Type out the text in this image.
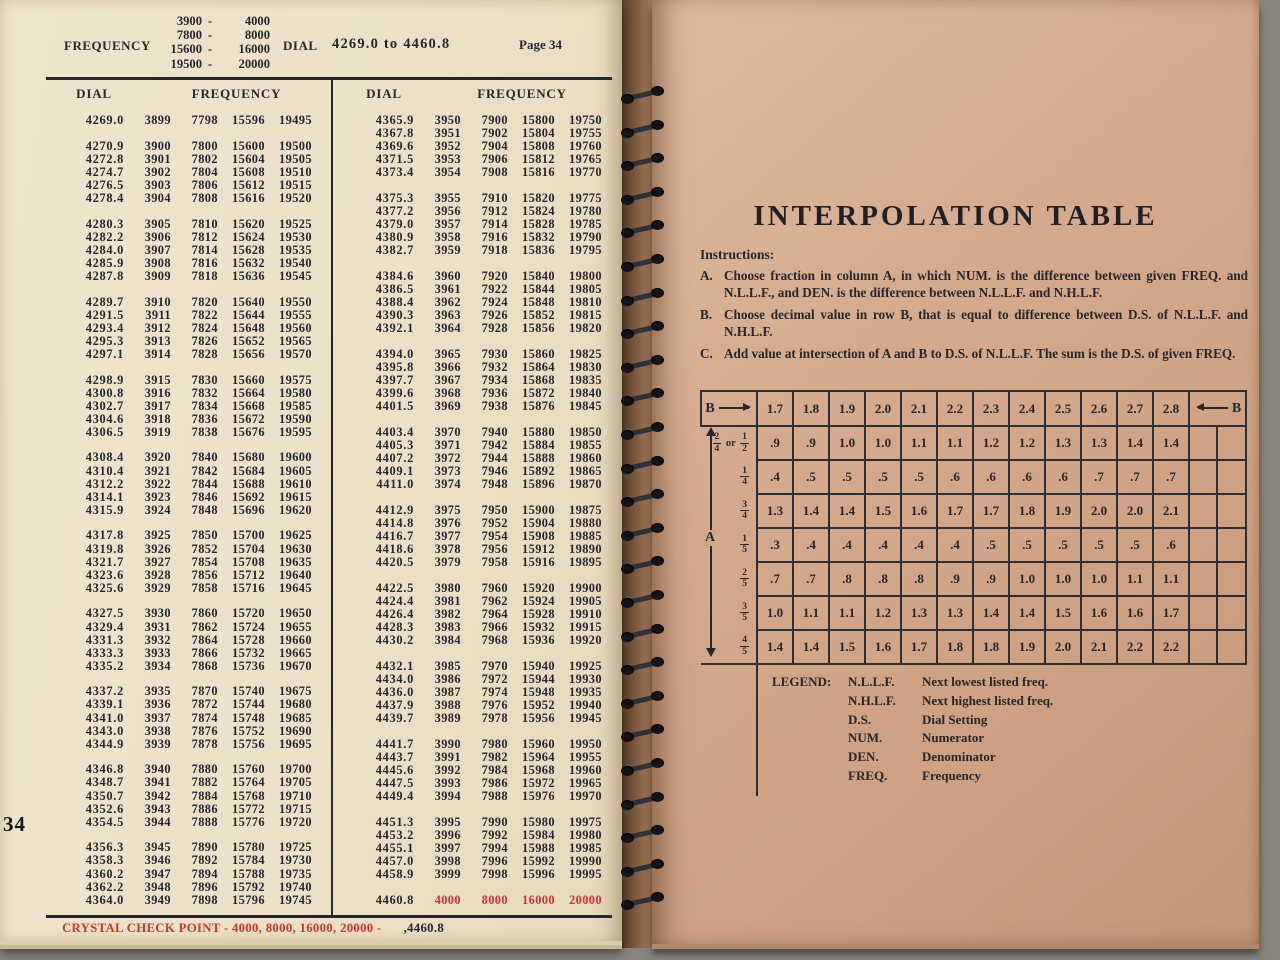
FREQUENCY
3900 -	4000
7800 -	8000
15600 -	16000
19500 -	20000
DIAL 4269.0 to 4460.8	Page 34
DIAL	FREQUENCY	DIAL	FREQUENCY
4269.0	3899	7798	15596	19495
4270.9	3900	7800	15600	19500
4272.8	3901	7802	15604	19505
4274.7	3902	7804	15608	19510
4276.5	3903	7806	15612	19515
4278.4	3904	7808	15616	19520
4280.3	3905	7810	15620	19525
4282.2	3906	7812	15624	19530
4284.0	3907	7814	15628	19535
4285.9	3908	7816	15632	19540
4287.8	3909	7818	15636	19545
4289.7	3910	7820	15640	19550
4291.5	3911	7822	15644	19555
4293.4	3912	7824	15648	19560
4295.3	3913	7826	15652	19565
4297.1	3914	7828	15656	19570
4298.9	3915	7830	15660	19575
4300.8	3916	7832	15664	19580
4302.7	3917	7834	15668	19585
4304.6	3918	7836	15672	19590
4306.5	3919	7838	15676	19595
4308.4	3920	7840	15680	19600
4310.4	3921	7842	15684	19605
4312.2	3922	7844	15688	19610
4314.1	3923	7846	15692	19615
4315.9	3924	7848	15696	19620
4317.8	3925	7850	15700	19625
4319.8	3926	7852	15704	19630
4321.7	3927	7854	15708	19635
4323.6	3928	7856	15712	19640
4325.6	3929	7858	15716	19645
4327.5	3930	7860	15720	19650
4329.4	3931	7862	15724	19655
4331.3	3932	7864	15728	19660
4333.3	3933	7866	15732	19665
4335.2	3934	7868	15736	19670
4337.2	3935	7870	15740	19675
4339.1	3936	7872	15744	19680
4341.0	3937	7874	15748	19685
4343.0	3938	7876	15752	19690
4344.9	3939	7878	15756	19695
4346.8	3940	7880	15760	19700
4348.7	3941	7882	15764	19705
4350.7	3942	7884	15768	19710
4352.6	3943	7886	15772	19715
4354.5	3944	7888	15776	19720
4356.3	3945	7890	15780	19725
4358.3	3946	7892	15784	19730
4360.2	3947	7894	15788	19735
4362.2	3948	7896	15792	19740
4364.0	3949	7898	15796	19745
4365.9	3950	7900	15800	19750
4367.8	3951	7902	15804	19755
4369.6	3952	7904	15808	19760
4371.5	3953	7906	15812	19765
4373.4	3954	7908	15816	19770
4375.3	3955	7910	15820	19775
4377.2	3956	7912	15824	19780
4379.0	3957	7914	15828	19785
4380.9	3958	7916	15832	19790
4382.7	3959	7918	15836	19795
4384.6	3960	7920	15840	19800
4386.5	3961	7922	15844	19805
4388.4	3962	7924	15848	19810
4390.3	3963	7926	15852	19815
4392.1	3964	7928	15856	19820
4394.0	3965	7930	15860	19825
4395.8	3966	7932	15864	19830
4397.7	3967	7934	15868	19835
4399.6	3968	7936	15872	19840
4401.5	3969	7938	15876	19845
4403.4	3970	7940	15880	19850
4405.3	3971	7942	15884	19855
4407.2	3972	7944	15888	19860
4409.1	3973	7946	15892	19865
4411.0	3974	7948	15896	19870
4412.9	3975	7950	15900	19875
4414.8	3976	7952	15904	19880
4416.7	3977	7954	15908	19885
4418.6	3978	7956	15912	19890
4420.5	3979	7958	15916	19895
4422.5	3980	7960	15920	19900
4424.4	3981	7962	15924	19905
4426.4	3982	7964	15928	19910
4428.3	3983	7966	15932	19915
4430.2	3984	7968	15936	19920
4432.1	3985	7970	15940	19925
4434.0	3986	7972	15944	19930
4436.0	3987	7974	15948	19935
4437.9	3988	7976	15952	19940
4439.7	3989	7978	15956	19945
4441.7	3990	7980	15960	19950
4443.7	3991	7982	15964	19955
4445.6	3992	7984	15968	19960
4447.5	3993	7986	15972	19965
4449.4	3994	7988	15976	19970
4451.3	3995	7990	15980	19975
4453.2	3996	7992	15984	19980
4455.1	3997	7994	15988	19985
4457.0	3998	7996	15992	19990
4458.9	3999	7998	15996	19995
4460.8	4000	8000	16000	20000
CRYSTAL CHECK POINT - 4000, 8000, 16000, 20000 - ,4460.8
34
INTERPOLATION TABLE
Instructions:
A. Choose fraction in column A, in which NUM. is the difference between given FREQ. and N.L.L.F., and DEN. is the difference between N.L.L.F. and N.H.L.F.
B. Choose decimal value in row B, that is equal to difference between D.S. of N.L.L.F. and N.H.L.F.
C. Add value at intersection of A and B to D.S. of N.L.L.F. The sum is the D.S. of given FREQ.
B	1.7	1.8	1.9	2.0	2.1	2.2	2.3	2.4	2.5	2.6	2.7	2.8	B	

$\frac{2}{4}$ or $\frac{1}{2}$	.9	.9	1.0	1.0	1.1	1.1	1.2	1.2	1.3	1.3	1.4	1.4		

$\frac{1}{4}$	.4	.5	.5	.5	.5	.6	.6	.6	.6	.7	.7	.7		

$\frac{3}{4}$	1.3	1.4	1.4	1.5	1.6	1.7	1.7	1.8	1.9	2.0	2.0	2.1		

$\frac{1}{5}$	.3	.4	.4	.4	.4	.4	.5	.5	.5	.5	.5	.6		

$\frac{2}{5}$	.7	.7	.8	.8	.8	.9	.9	1.0	1.0	1.0	1.1	1.1		

$\frac{3}{5}$	1.0	1.1	1.1	1.2	1.3	1.3	1.4	1.4	1.5	1.6	1.6	1.7		

$\frac{4}{5}$	1.4	1.4	1.5	1.6	1.7	1.8	1.8	1.9	2.0	2.1	2.2	2.2		

LEGEND:	N.L.L.F.	Next lowest listed freq.
N.H.L.F.	Next highest listed freq.
D.S.	Dial Setting
NUM.	Numerator
DEN.	Denominator
FREQ.	Frequency
A
